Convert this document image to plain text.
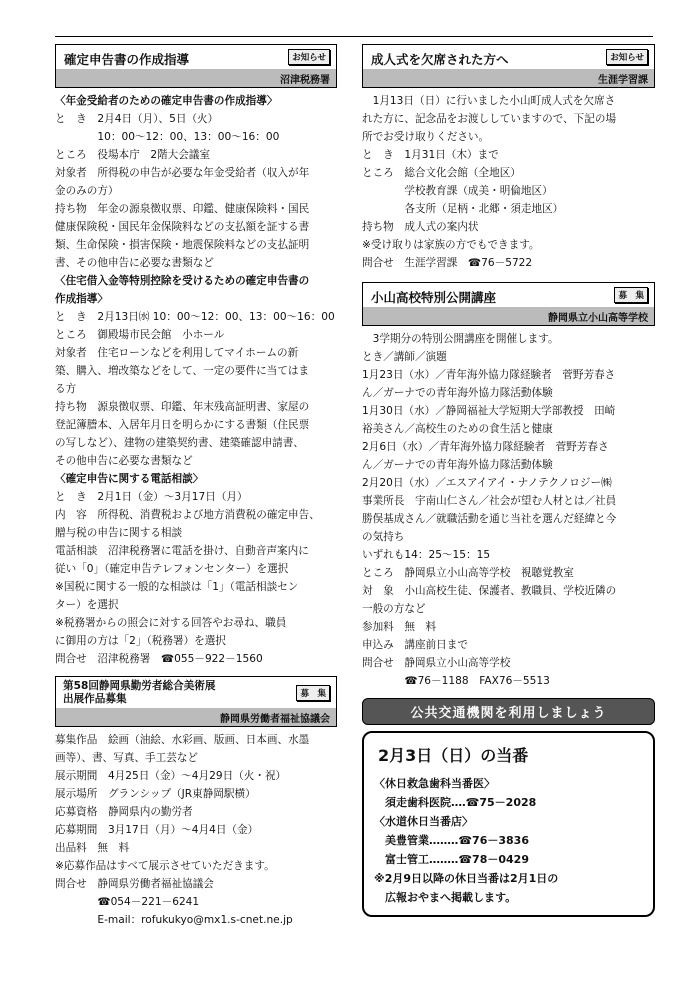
確定申告書の作成指導	お知らせ
沼津税務署
〈年金受給者のための確定申告書の作成指導〉
と　き　2月4日（月）、5日（火）
　　　　10：00～12：00、13：00～16：00
ところ　役場本庁　2階大会議室
対象者　所得税の申告が必要な年金受給者（収入が年
金のみの方）
持ち物　年金の源泉徴収票、印鑑、健康保険料・国民
健康保険税・国民年金保険料などの支払額を証する書
類、生命保険・損害保険・地震保険料などの支払証明
書、その他申告に必要な書類など
〈住宅借入金等特別控除を受けるための確定申告書の
作成指導〉
と　き　2月13日㈬ 10：00～12：00、13：00～16：00
ところ　御殿場市民会館　小ホール
対象者　住宅ローンなどを利用してマイホームの新
築、購入、増改築などをして、一定の要件に当てはま
る方
持ち物　源泉徴収票、印鑑、年末残高証明書、家屋の
登記簿謄本、入居年月日を明らかにする書類（住民票
の写しなど）、建物の建築契約書、建築確認申請書、
その他申告に必要な書類など
〈確定申告に関する電話相談〉
と　き　2月1日（金）～3月17日（月）
内　容　所得税、消費税および地方消費税の確定申告、
贈与税の申告に関する相談
電話相談　沼津税務署に電話を掛け、自動音声案内に
従い「0」（確定申告テレフォンセンター）を選択
※国税に関する一般的な相談は「1」（電話相談セン
ター）を選択
※税務署からの照会に対する回答やお尋ね、職員
に御用の方は「2」（税務署）を選択
問合せ　沼津税務署　☎055－922－1560
第58回静岡県勤労者総合美術展
出展作品募集	募　集
静岡県労働者福祉協議会
募集作品　絵画（油絵、水彩画、版画、日本画、水墨
画等）、書、写真、手工芸など
展示期間　4月25日（金）～4月29日（火・祝）
展示場所　グランシップ（JR東静岡駅横）
応募資格　静岡県内の勤労者
応募期間　3月17日（月）～4月4日（金）
出品料　無　料
※応募作品はすべて展示させていただきます。
問合せ　静岡県労働者福祉協議会
　　　　☎054－221－6241
　　　　E-mail：rofukukyo@mx1.s-cnet.ne.jp
成人式を欠席された方へ	お知らせ
生涯学習課
　1月13日（日）に行いました小山町成人式を欠席さ
れた方に、記念品をお渡ししていますので、下記の場
所でお受け取りください。
と　き　1月31日（木）まで
ところ　総合文化会館（全地区）
　　　　学校教育課（成美・明倫地区）
　　　　各支所（足柄・北郷・須走地区）
持ち物　成人式の案内状
※受け取りは家族の方でもできます。
問合せ　生涯学習課　☎76－5722
小山高校特別公開講座	募　集
静岡県立小山高等学校
　3学期分の特別公開講座を開催します。
とき／講師／演題
1月23日（水）／青年海外協力隊経験者　菅野芳春さ
ん／ガーナでの青年海外協力隊活動体験
1月30日（水）／静岡福祉大学短期大学部教授　田崎
裕美さん／高校生のための食生活と健康
2月6日（水）／青年海外協力隊経験者　菅野芳春さ
ん／ガーナでの青年海外協力隊活動体験
2月20日（水）／エスアイアイ・ナノテクノロジー㈱
事業所長　宇南山仁さん／社会が望む人材とは／社員
勝俣基成さん／就職活動を通じ当社を選んだ経緯と今
の気持ち
いずれも14：25～15：15
ところ　静岡県立小山高等学校　視聴覚教室
対　象　小山高校生徒、保護者、教職員、学校近隣の
一般の方など
参加料　無　料
申込み　講座前日まで
問合せ　静岡県立小山高等学校
　　　　☎76－1188　FAX76－5513
公共交通機関を利用しましょう
2月3日（日）の当番
〈休日救急歯科当番医〉
　須走歯科医院‥‥☎75－2028
〈水道休日当番店〉
　美豊管業‥‥‥‥☎76－3836
　富士管工‥‥‥‥☎78－0429
※2月9日以降の休日当番は2月1日の
　広報おやまへ掲載します。
